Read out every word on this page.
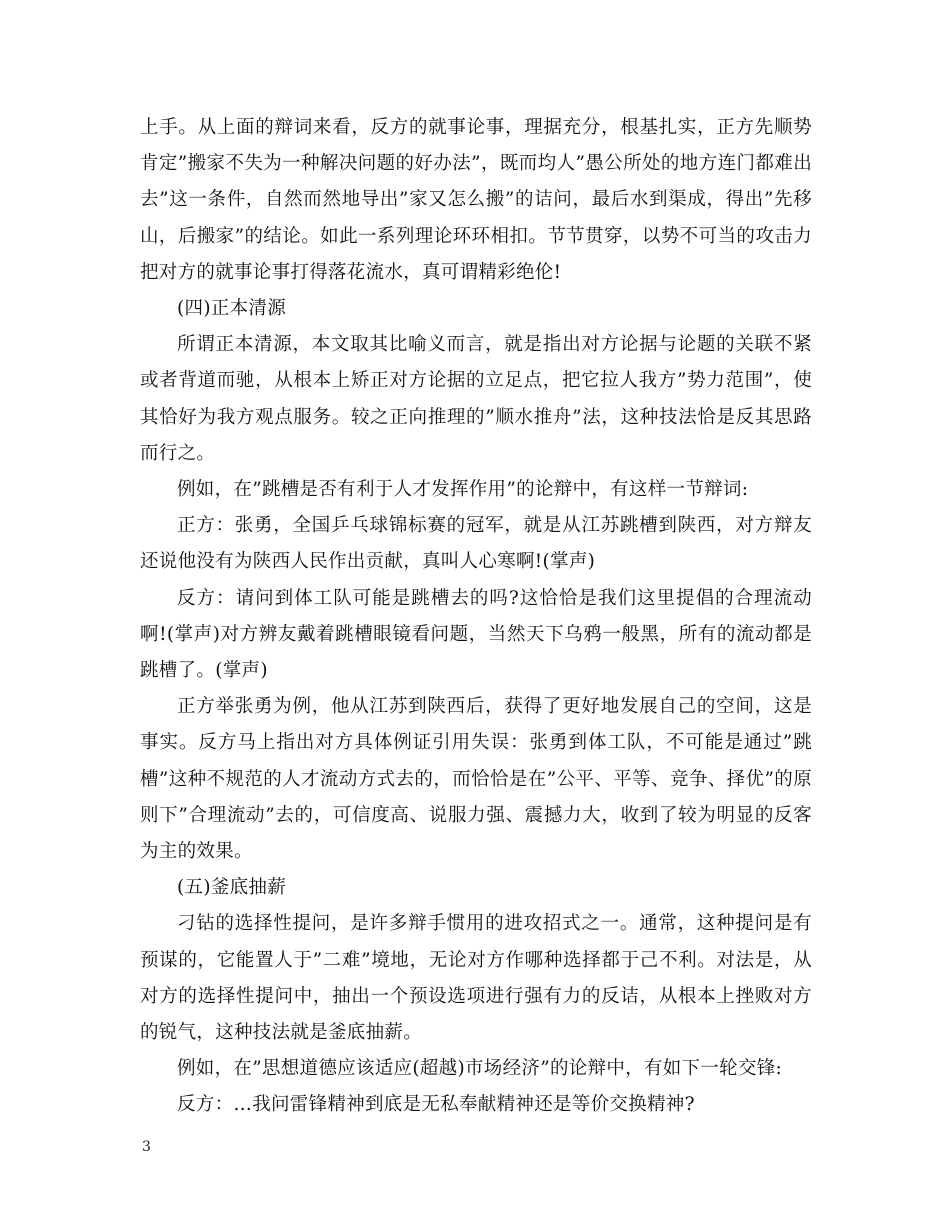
上手。从上面的辩词来看，反方的就事论事，理据充分，根基扎实，正方先顺势肯定”搬家不失为一种解决问题的好办法”，既而均人”愚公所处的地方连门都难出去”这一条件，自然而然地导出”家又怎么搬”的诘问，最后水到渠成，得出”先移山，后搬家”的结论。如此一系列理论环环相扣。节节贯穿，以势不可当的攻击力把对方的就事论事打得落花流水，真可谓精彩绝伦!

(四)正本清源

所谓正本清源，本文取其比喻义而言，就是指出对方论据与论题的关联不紧或者背道而驰，从根本上矫正对方论据的立足点，把它拉人我方”势力范围”，使其恰好为我方观点服务。较之正向推理的”顺水推舟”法，这种技法恰是反其思路而行之。

例如，在”跳槽是否有利于人才发挥作用”的论辩中，有这样一节辩词:

正方：张勇，全国乒乓球锦标赛的冠军，就是从江苏跳槽到陕西，对方辩友还说他没有为陕西人民作出贡献，真叫人心寒啊!(掌声)

反方：请问到体工队可能是跳槽去的吗?这恰恰是我们这里提倡的合理流动啊!(掌声)对方辨友戴着跳槽眼镜看问题，当然天下乌鸦一般黑，所有的流动都是跳槽了。(掌声)

正方举张勇为例，他从江苏到陕西后，获得了更好地发展自己的空间，这是事实。反方马上指出对方具体例证引用失误：张勇到体工队，不可能是通过”跳槽”这种不规范的人才流动方式去的，而恰恰是在”公平、平等、竞争、择优”的原则下”合理流动”去的，可信度高、说服力强、震撼力大，收到了较为明显的反客为主的效果。

(五)釜底抽薪

刁钻的选择性提问，是许多辩手惯用的进攻招式之一。通常，这种提问是有预谋的，它能置人于”二难”境地，无论对方作哪种选择都于己不利。对法是，从对方的选择性提问中，抽出一个预设选项进行强有力的反诘，从根本上挫败对方的锐气，这种技法就是釜底抽薪。

例如，在”思想道德应该适应(超越)市场经济”的论辩中，有如下一轮交锋:

反方：…我问雷锋精神到底是无私奉献精神还是等价交换精神?

3
